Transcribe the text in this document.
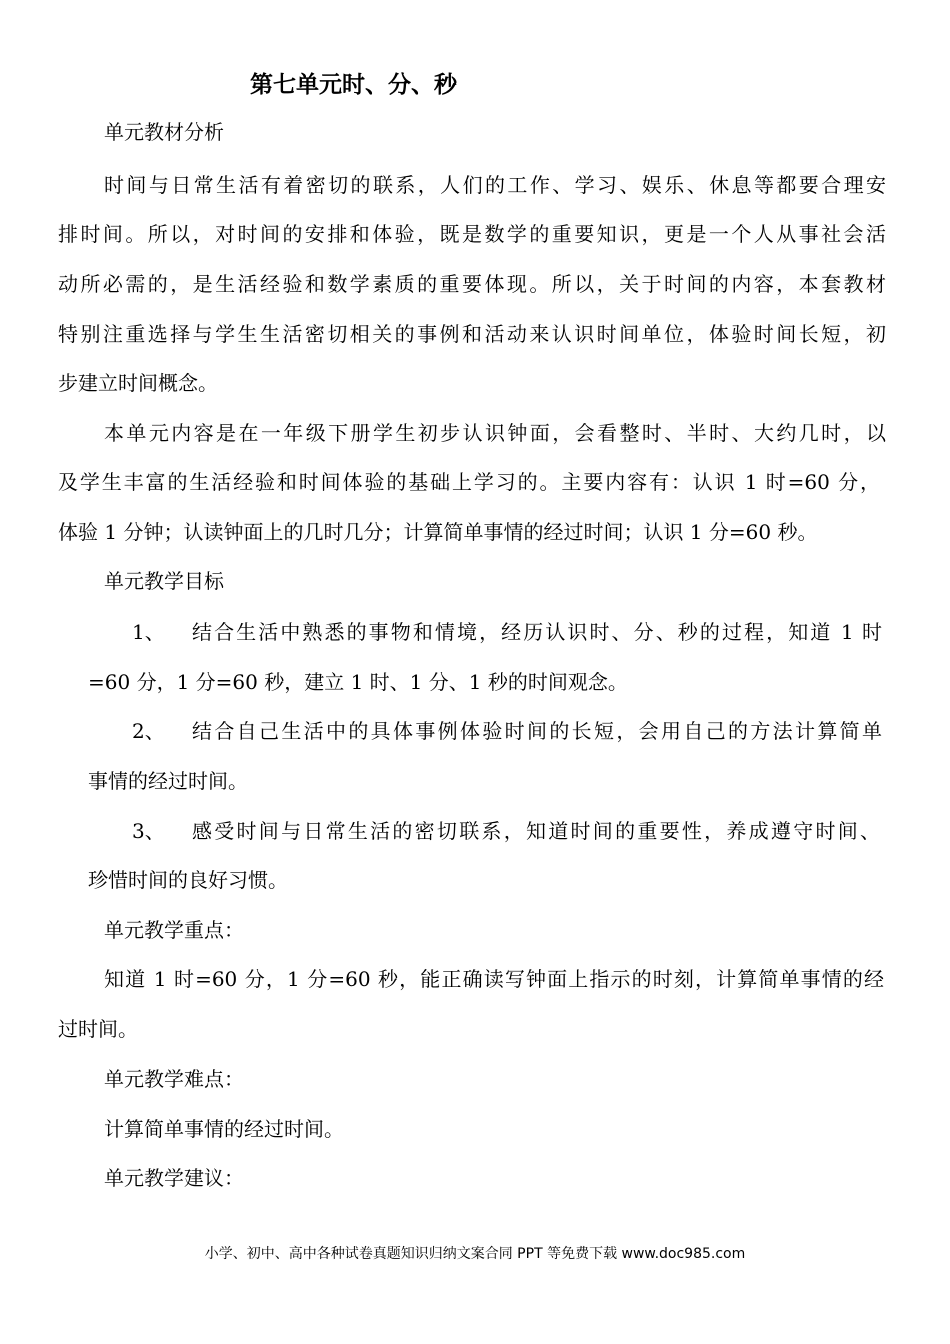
第七单元时、分、秒
单元教材分析
时间与日常生活有着密切的联系，人们的工作、学习、娱乐、休息等都要合理安
排时间。所以，对时间的安排和体验，既是数学的重要知识，更是一个人从事社会活
动所必需的，是生活经验和数学素质的重要体现。所以，关于时间的内容，本套教材
特别注重选择与学生生活密切相关的事例和活动来认识时间单位，体验时间长短，初
步建立时间概念。
本单元内容是在一年级下册学生初步认识钟面，会看整时、半时、大约几时，以
及学生丰富的生活经验和时间体验的基础上学习的。主要内容有：认识 1 时=60 分，
体验 1 分钟；认读钟面上的几时几分；计算简单事情的经过时间；认识 1 分=60 秒。
单元教学目标
1、 结合生活中熟悉的事物和情境，经历认识时、分、秒的过程，知道 1 时
=60 分，1 分=60 秒，建立 1 时、1 分、1 秒的时间观念。
2、 结合自己生活中的具体事例体验时间的长短，会用自己的方法计算简单
事情的经过时间。
3、 感受时间与日常生活的密切联系，知道时间的重要性，养成遵守时间、
珍惜时间的良好习惯。
单元教学重点：
知道 1 时=60 分，1 分=60 秒，能正确读写钟面上指示的时刻，计算简单事情的经
过时间。
单元教学难点：
计算简单事情的经过时间。
单元教学建议：
小学、初中、高中各种试卷真题知识归纳文案合同 PPT 等免费下载 www.doc985.com
